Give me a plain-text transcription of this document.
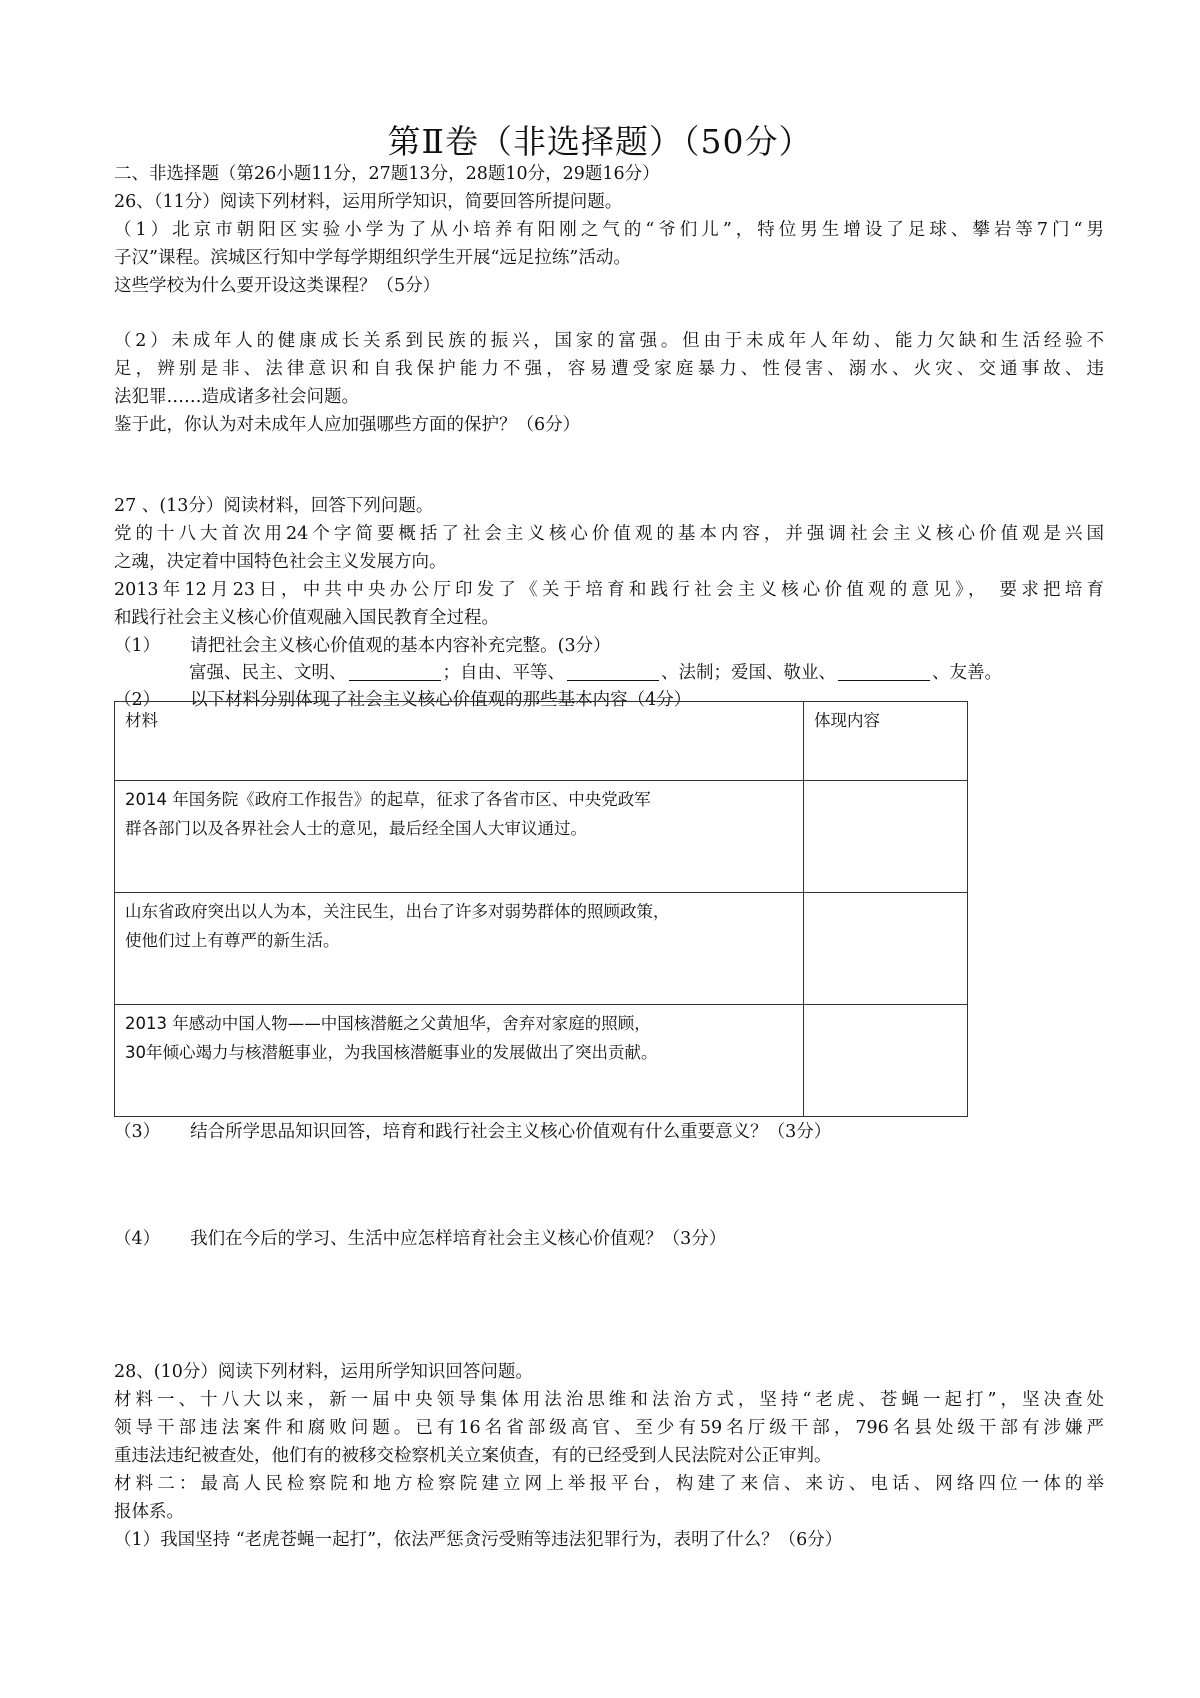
第Ⅱ卷（非选择题）（50分）
二、非选择题（第26小题11分，27题13分，28题10分，29题16分）
26、（11分）阅读下列材料，运用所学知识，简要回答所提问题。
（1）北京市朝阳区实验小学为了从小培养有阳刚之气的“爷们儿”，特位男生增设了足球、攀岩等7门“男
子汉”课程。滨城区行知中学每学期组织学生开展“远足拉练”活动。
这些学校为什么要开设这类课程？（5分）
（2）未成年人的健康成长关系到民族的振兴，国家的富强。但由于未成年人年幼、能力欠缺和生活经验不
足，辨别是非、法律意识和自我保护能力不强，容易遭受家庭暴力、性侵害、溺水、火灾、交通事故、违
法犯罪……造成诸多社会问题。
鉴于此，你认为对未成年人应加强哪些方面的保护？（6分）
27 、(13分）阅读材料，回答下列问题。
党的十八大首次用24个字简要概括了社会主义核心价值观的基本内容，并强调社会主义核心价值观是兴国
之魂，决定着中国特色社会主义发展方向。
2013年12月23日，中共中央办公厅印发了《关于培育和践行社会主义核心价值观的意见》， 要求把培育
和践行社会主义核心价值观融入国民教育全过程。
（1） 请把社会主义核心价值观的基本内容补充完整。(3分）
富强、民主、文明、	；自由、平等、	、法制；爱国、敬业、	、友善。
（2） 以下材料分别体现了社会主义核心价值观的那些基本内容（4分）
材料	体现内容

2014 年国务院《政府工作报告》的起草，征求了各省市区、中央党政军
群各部门以及各界社会人士的意见，最后经全国人大审议通过。	

山东省政府突出以人为本，关注民生，出台了许多对弱势群体的照顾政策，
使他们过上有尊严的新生活。	

2013 年感动中国人物——中国核潜艇之父黄旭华，舍弃对家庭的照顾，
30年倾心竭力与核潜艇事业，为我国核潜艇事业的发展做出了突出贡献。	

（3） 结合所学思品知识回答，培育和践行社会主义核心价值观有什么重要意义？（3分）
（4） 我们在今后的学习、生活中应怎样培育社会主义核心价值观？（3分）
28、(10分）阅读下列材料，运用所学知识回答问题。
材料一、十八大以来，新一届中央领导集体用法治思维和法治方式，坚持“老虎、苍蝇一起打”，坚决查处
领导干部违法案件和腐败问题。已有16名省部级高官、至少有59名厅级干部，796名县处级干部有涉嫌严
重违法违纪被查处，他们有的被移交检察机关立案侦查，有的已经受到人民法院对公正审判。
材料二：最高人民检察院和地方检察院建立网上举报平台，构建了来信、来访、电话、网络四位一体的举
报体系。
（1）我国坚持 “老虎苍蝇一起打”，依法严惩贪污受贿等违法犯罪行为，表明了什么？（6分）
